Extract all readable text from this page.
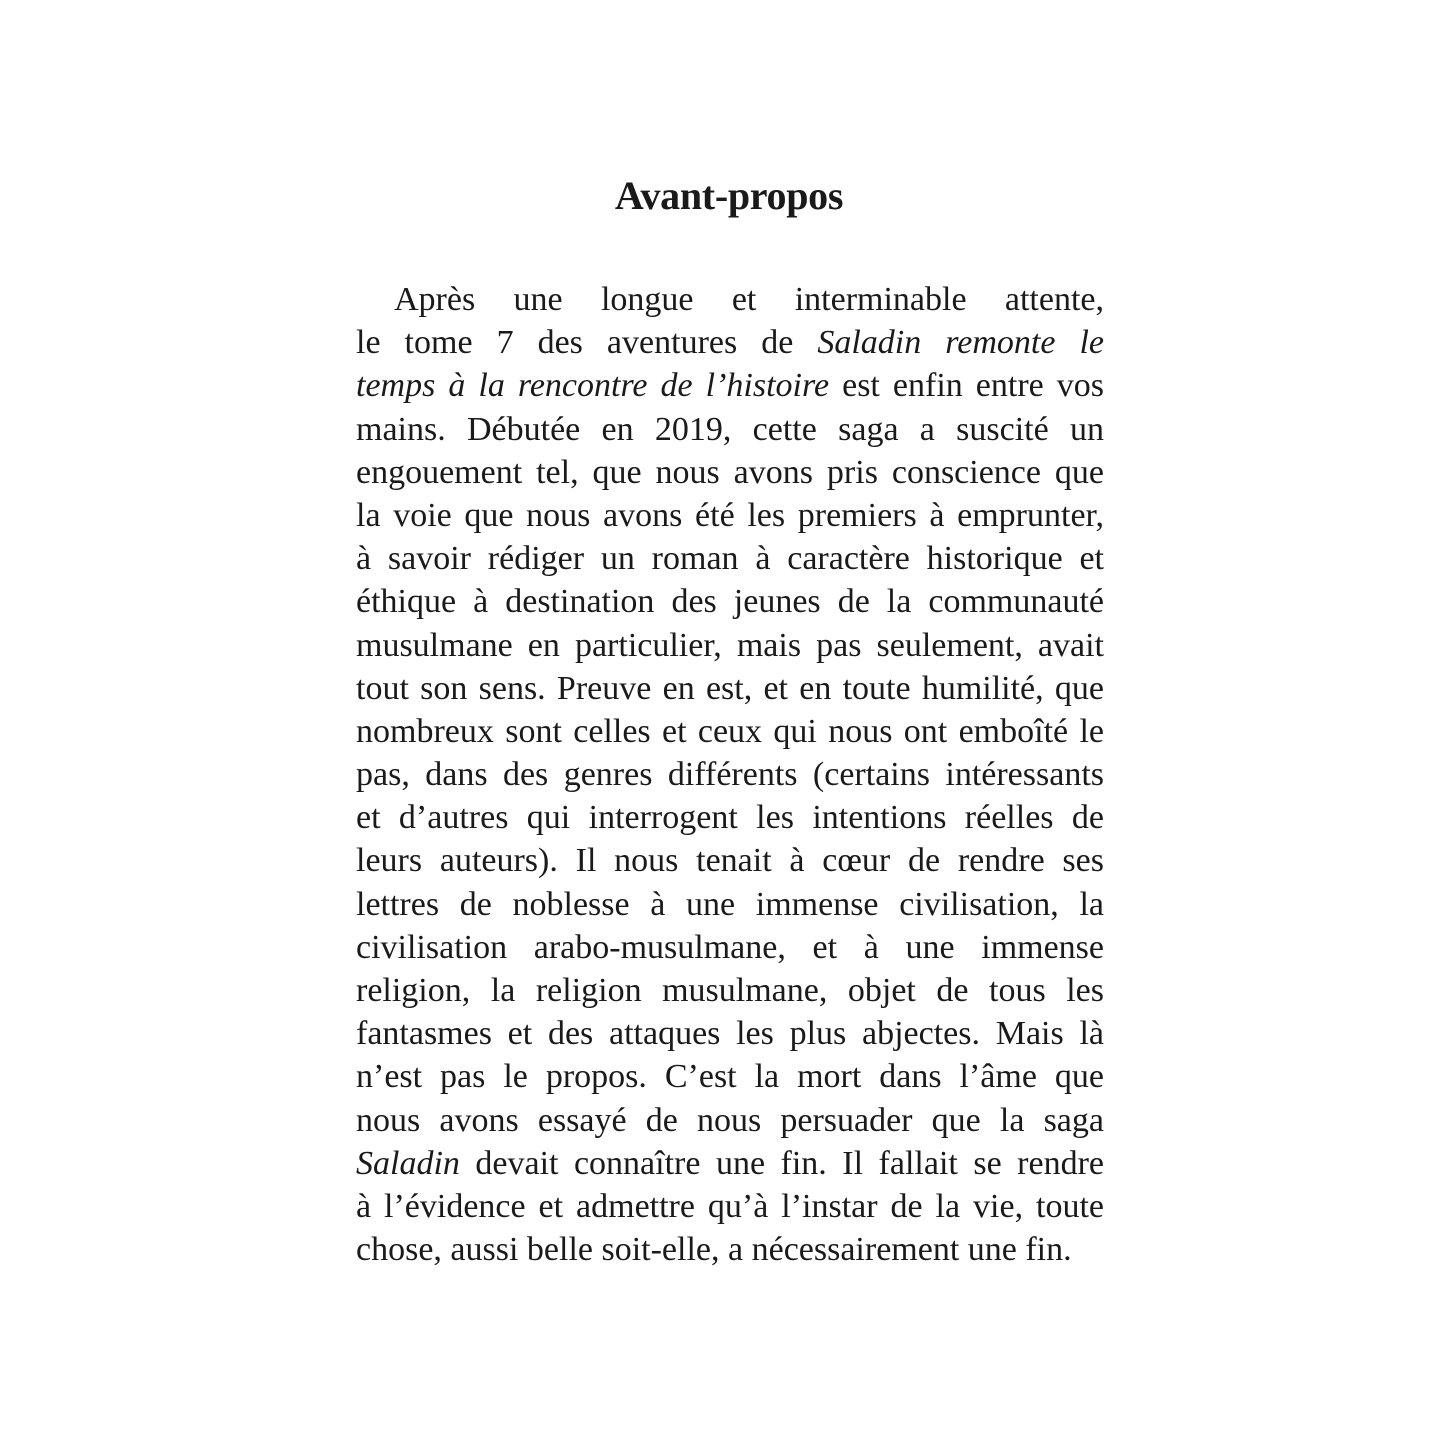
Avant-propos
Après une longue et interminable attente,
le tome 7 des aventures de Saladin remonte le
temps à la rencontre de l’histoire est enfin entre vos
mains. Débutée en 2019, cette saga a suscité un
engouement tel, que nous avons pris conscience que
la voie que nous avons été les premiers à emprunter,
à savoir rédiger un roman à caractère historique et
éthique à destination des jeunes de la communauté
musulmane en particulier, mais pas seulement, avait
tout son sens. Preuve en est, et en toute humilité, que
nombreux sont celles et ceux qui nous ont emboîté le
pas, dans des genres différents (certains intéressants
et d’autres qui interrogent les intentions réelles de
leurs auteurs). Il nous tenait à cœur de rendre ses
lettres de noblesse à une immense civilisation, la
civilisation arabo-musulmane, et à une immense
religion, la religion musulmane, objet de tous les
fantasmes et des attaques les plus abjectes. Mais là
n’est pas le propos. C’est la mort dans l’âme que
nous avons essayé de nous persuader que la saga
Saladin devait connaître une fin. Il fallait se rendre
à l’évidence et admettre qu’à l’instar de la vie, toute
chose, aussi belle soit-elle, a nécessairement une fin.
